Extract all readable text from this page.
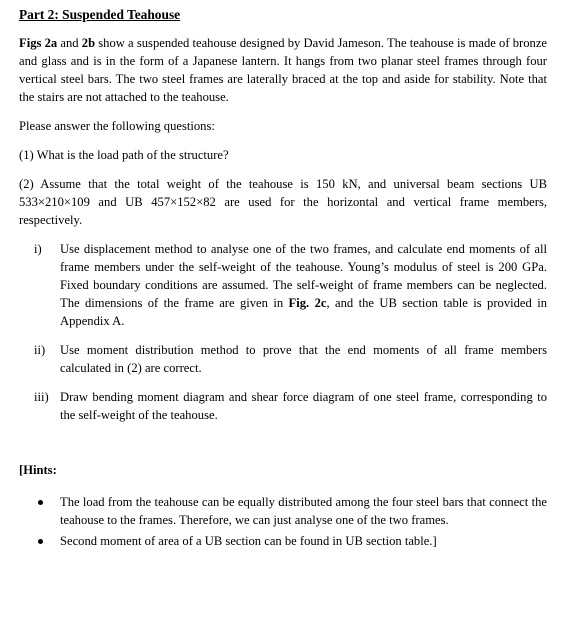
Part 2: Suspended Teahouse

Figs 2a and 2b show a suspended teahouse designed by David Jameson. The teahouse is made of bronze and glass and is in the form of a Japanese lantern. It hangs from two planar steel frames through four vertical steel bars. The two steel frames are laterally braced at the top and aside for stability. Note that the stairs are not attached to the teahouse.

Please answer the following questions:

(1) What is the load path of the structure?

(2) Assume that the total weight of the teahouse is 150 kN, and universal beam sections UB 533×210×109 and UB 457×152×82 are used for the horizontal and vertical frame members, respectively.

i) Use displacement method to analyse one of the two frames, and calculate end moments of all frame members under the self-weight of the teahouse. Young’s modulus of steel is 200 GPa. Fixed boundary conditions are assumed. The self-weight of frame members can be neglected. The dimensions of the frame are given in Fig. 2c, and the UB section table is provided in Appendix A.
ii) Use moment distribution method to prove that the end moments of all frame members calculated in (2) are correct.
iii) Draw bending moment diagram and shear force diagram of one steel frame, corresponding to the self-weight of the teahouse.
[Hints:
The load from the teahouse can be equally distributed among the four steel bars that connect the teahouse to the frames. Therefore, we can just analyse one of the two frames.
Second moment of area of a UB section can be found in UB section table.]
